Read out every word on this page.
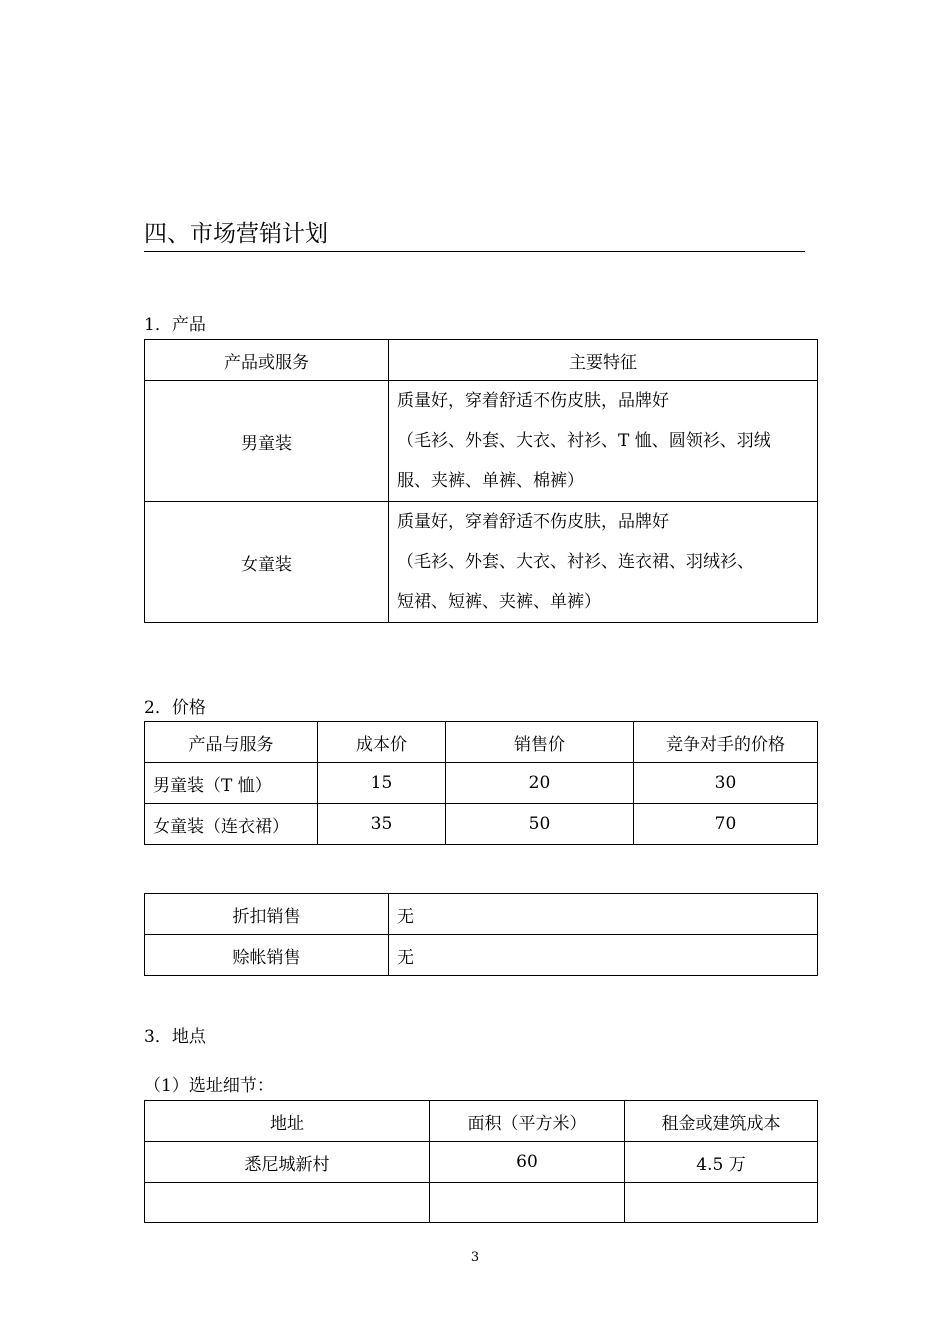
四、市场营销计划
1．产品
产品或服务	主要特征
男童装	质量好，穿着舒适不伤皮肤，品牌好
（毛衫、外套、大衣、衬衫、T 恤、圆领衫、羽绒
服、夹裤、单裤、棉裤）

女童装	质量好，穿着舒适不伤皮肤，品牌好
（毛衫、外套、大衣、衬衫、连衣裙、羽绒衫、
短裙、短裤、夹裤、单裤）
2．价格
产品与服务	成本价	销售价	竞争对手的价格
男童装（T 恤）	15	20	30
女童装（连衣裙）	35	50	70
折扣销售	无
赊帐销售	无
3．地点
（1）选址细节：
地址	面积（平方米）	租金或建筑成本
悉尼城新村	60	4.5 万

3
